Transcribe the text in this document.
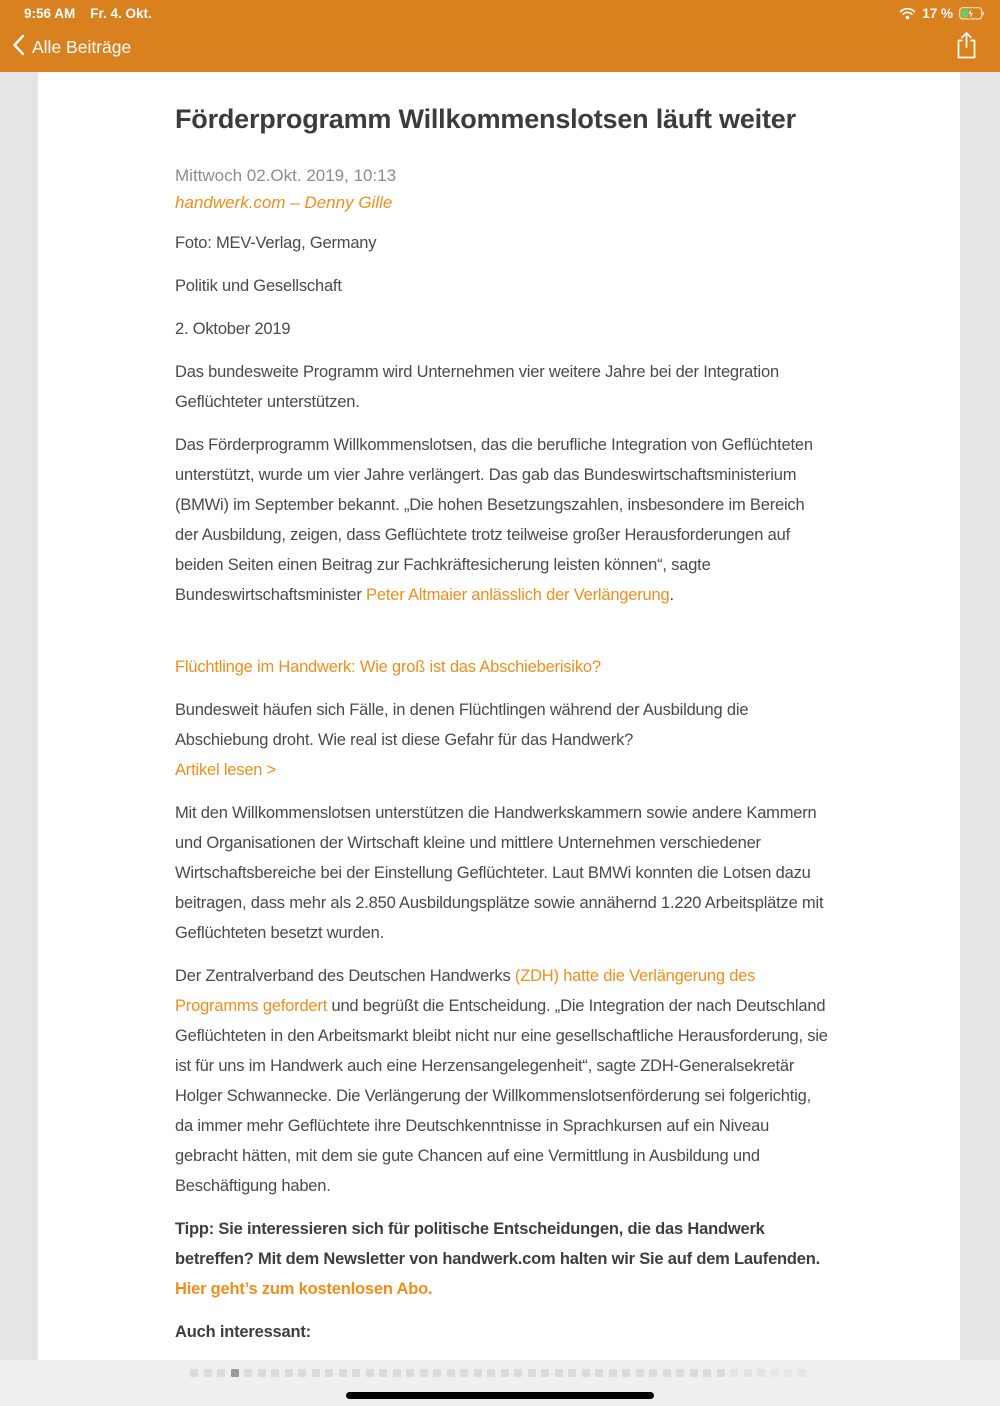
9:56 AM Fr. 4. Okt.	17 %
Alle Beiträge
Förderprogramm Willkommenslotsen läuft weiter
Mittwoch 02.Okt. 2019, 10:13
handwerk.com – Denny Gille

Foto: MEV-Verlag, Germany

Politik und Gesellschaft

2. Oktober 2019

Das bundesweite Programm wird Unternehmen vier weitere Jahre bei der Integration Geflüchteter unterstützen.

Das Förderprogramm Willkommenslotsen, das die berufliche Integration von Geflüchteten unterstützt, wurde um vier Jahre verlängert. Das gab das Bundeswirtschaftsministerium (BMWi) im September bekannt. „Die hohen Besetzungszahlen, insbesondere im Bereich der Ausbildung, zeigen, dass Geflüchtete trotz teilweise großer Herausforderungen auf beiden Seiten einen Beitrag zur Fachkräftesicherung leisten können“, sagte Bundeswirtschaftsminister Peter Altmaier anlässlich der Verlängerung.

Flüchtlinge im Handwerk: Wie groß ist das Abschieberisiko?

Bundesweit häufen sich Fälle, in denen Flüchtlingen während der Ausbildung die Abschiebung droht. Wie real ist diese Gefahr für das Handwerk?
Artikel lesen >

Mit den Willkommenslotsen unterstützen die Handwerkskammern sowie andere Kammern und Organisationen der Wirtschaft kleine und mittlere Unternehmen verschiedener Wirtschaftsbereiche bei der Einstellung Geflüchteter. Laut BMWi konnten die Lotsen dazu beitragen, dass mehr als 2.850 Ausbildungsplätze sowie annähernd 1.220 Arbeitsplätze mit Geflüchteten besetzt wurden.

Der Zentralverband des Deutschen Handwerks (ZDH) hatte die Verlängerung des Programms gefordert und begrüßt die Entscheidung. „Die Integration der nach Deutschland Geflüchteten in den Arbeitsmarkt bleibt nicht nur eine gesellschaftliche Herausforderung, sie ist für uns im Handwerk auch eine Herzensangelegenheit“, sagte ZDH-Generalsekretär Holger Schwannecke. Die Verlängerung der Willkommenslotsenförderung sei folgerichtig, da immer mehr Geflüchtete ihre Deutschkenntnisse in Sprachkursen auf ein Niveau gebracht hätten, mit dem sie gute Chancen auf eine Vermittlung in Ausbildung und Beschäftigung haben.

Tipp: Sie interessieren sich für politische Entscheidungen, die das Handwerk betreffen? Mit dem Newsletter von handwerk.com halten wir Sie auf dem Laufenden. Hier geht’s zum kostenlosen Abo.

Auch interessant:
